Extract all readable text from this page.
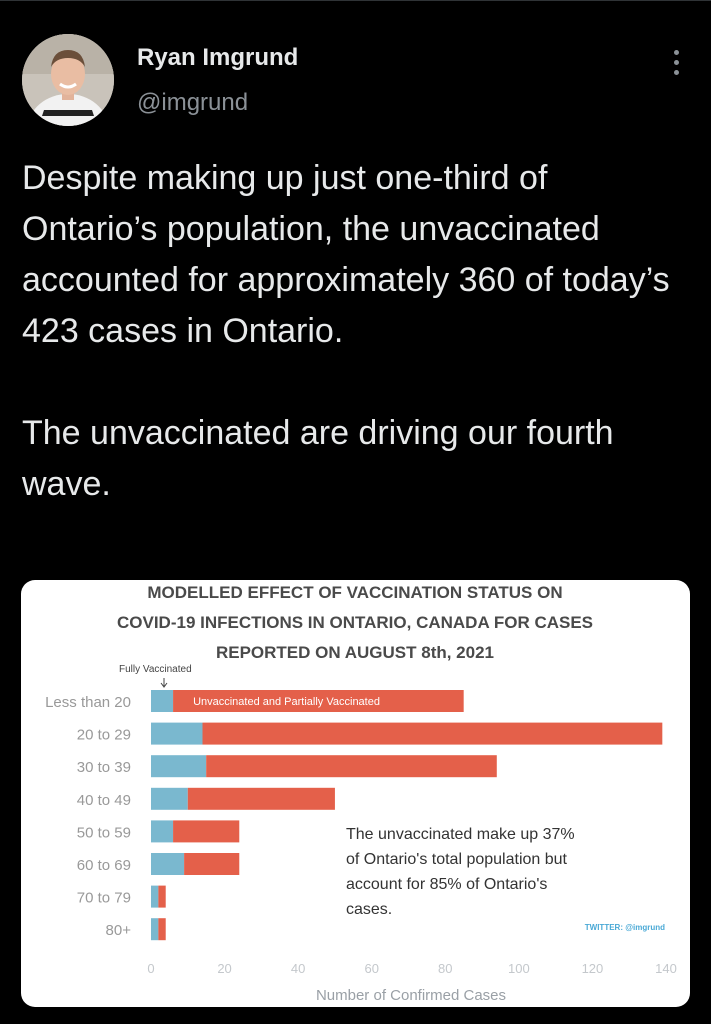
Ryan Imgrund
@imgrund

Despite making up just one-third of Ontario’s population, the unvaccinated accounted for approximately 360 of today’s 423 cases in Ontario.

The unvaccinated are driving our fourth wave.

MODELLED EFFECT OF VACCINATION STATUS ON
COVID-19 INFECTIONS IN ONTARIO, CANADA FOR CASES
REPORTED ON AUGUST 8th, 2021
Fully Vaccinated
Less than 20
20 to 29
30 to 39
40 to 49
50 to 59
60 to 69
70 to 79
80+
Unvaccinated and Partially Vaccinated
0	20	40	60	80	100	120	140
Number of Confirmed Cases
The unvaccinated make up 37%
of Ontario's total population but
account for 85% of Ontario's
cases.
TWITTER: @imgrund
